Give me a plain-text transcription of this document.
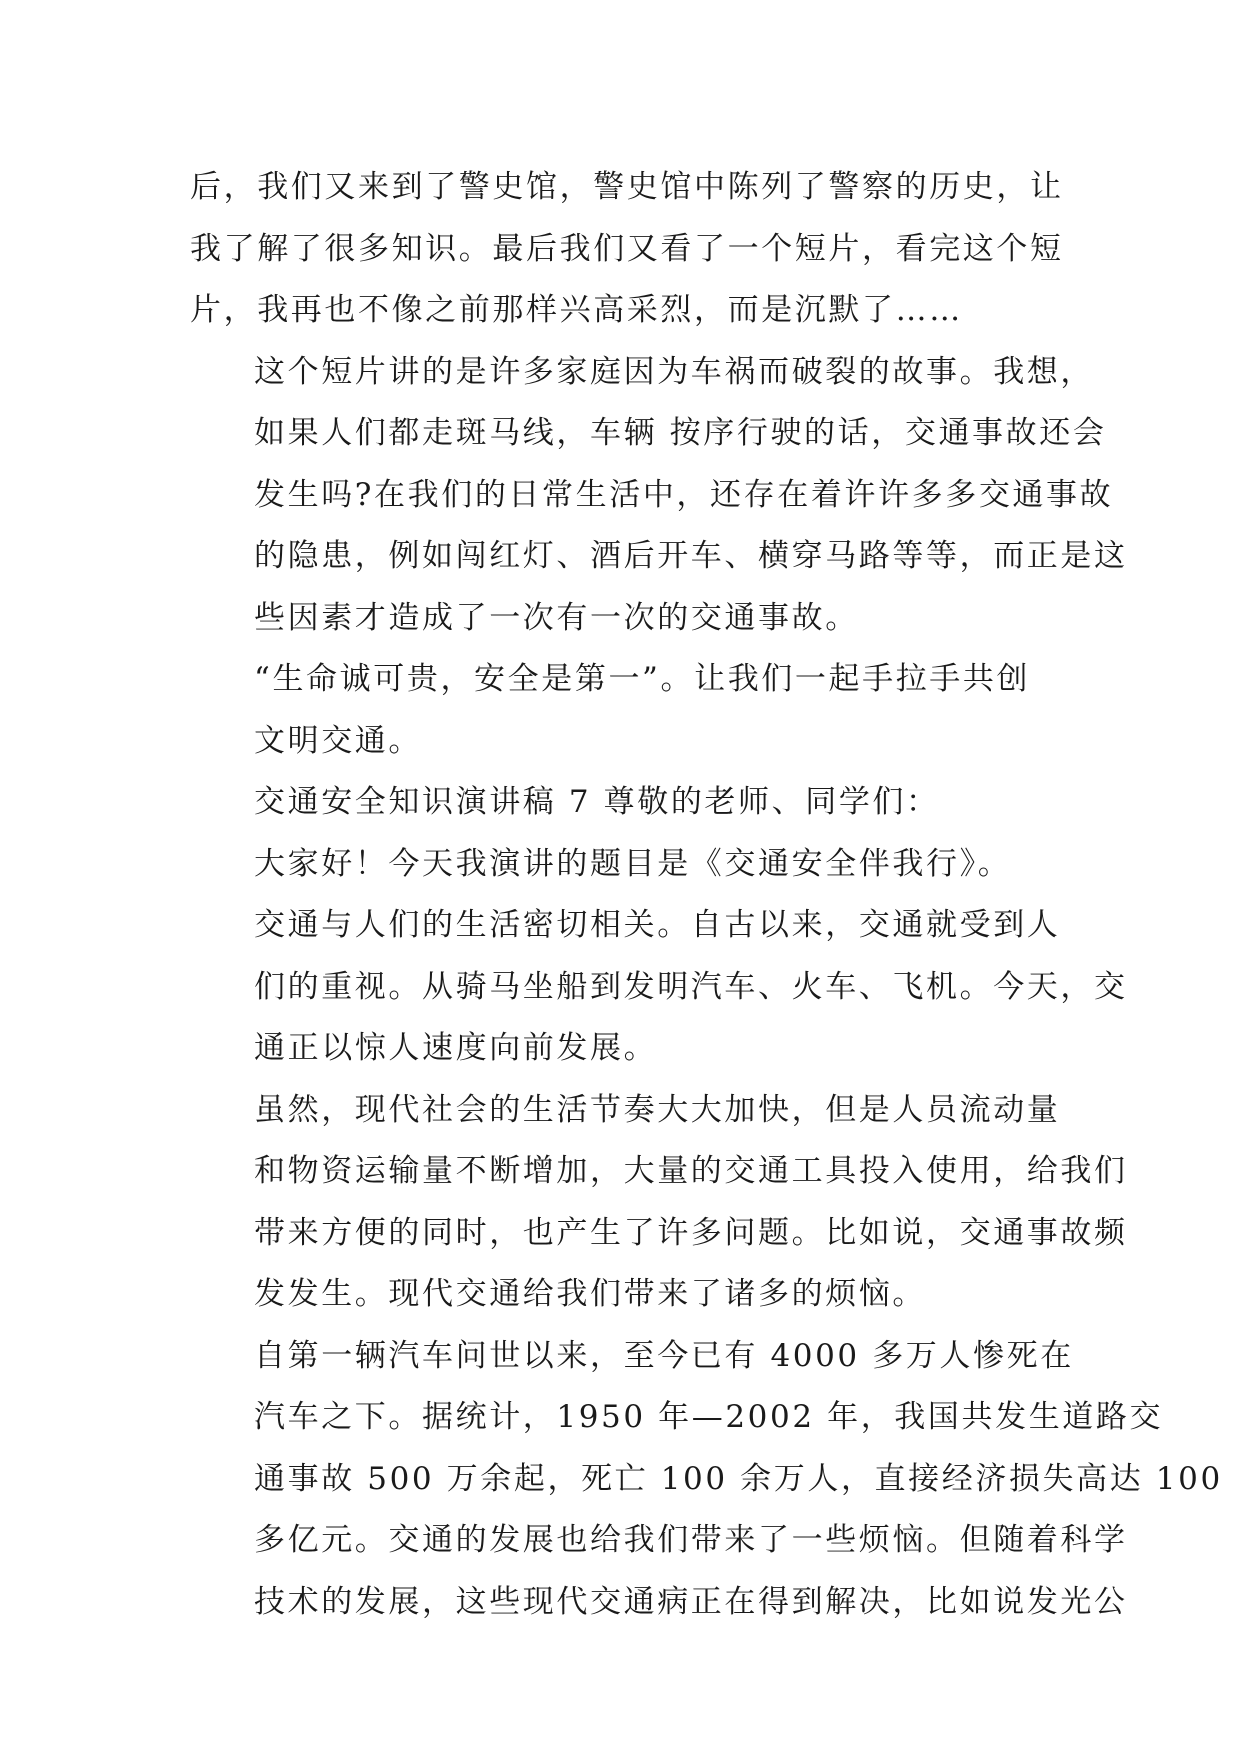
后，我们又来到了警史馆，警史馆中陈列了警察的历史，让
我了解了很多知识。最后我们又看了一个短片，看完这个短
片，我再也不像之前那样兴高采烈，而是沉默了……
这个短片讲的是许多家庭因为车祸而破裂的故事。我想，
如果人们都走斑马线，车辆 按序行驶的话，交通事故还会
发生吗?在我们的日常生活中，还存在着许许多多交通事故
的隐患，例如闯红灯、酒后开车、横穿马路等等，而正是这
些因素才造成了一次有一次的交通事故。
“生命诚可贵，安全是第一”。让我们一起手拉手共创
文明交通。
交通安全知识演讲稿 7 尊敬的老师、同学们：
大家好！今天我演讲的题目是《交通安全伴我行》。
交通与人们的生活密切相关。自古以来，交通就受到人
们的重视。从骑马坐船到发明汽车、火车、飞机。今天，交
通正以惊人速度向前发展。
虽然，现代社会的生活节奏大大加快，但是人员流动量
和物资运输量不断增加，大量的交通工具投入使用，给我们
带来方便的同时，也产生了许多问题。比如说，交通事故频
发发生。现代交通给我们带来了诸多的烦恼。
自第一辆汽车问世以来，至今已有 4000 多万人惨死在
汽车之下。据统计，1950 年—2002 年，我国共发生道路交
通事故 500 万余起，死亡 100 余万人，直接经济损失高达 100
多亿元。交通的发展也给我们带来了一些烦恼。但随着科学
技术的发展，这些现代交通病正在得到解决，比如说发光公
